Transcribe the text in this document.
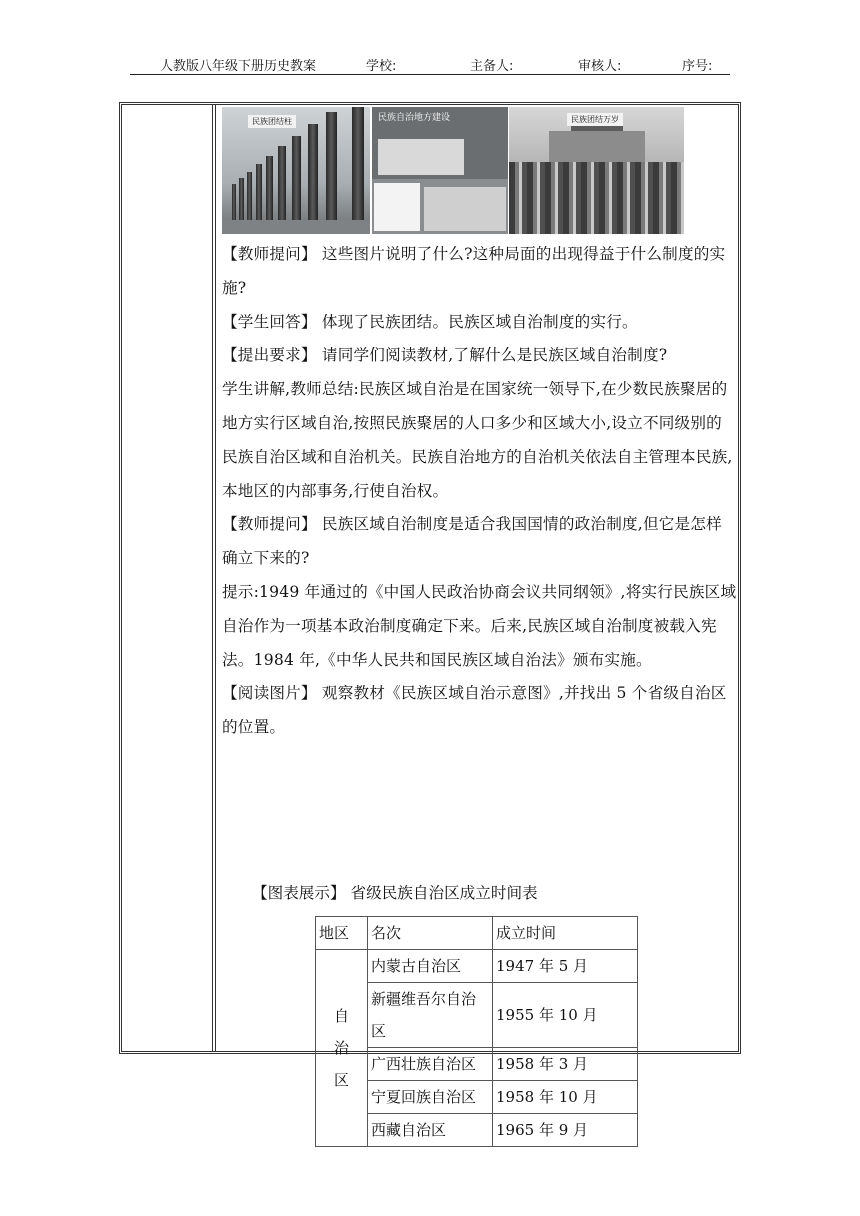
人教版八年级下册历史教案	学校:	主备人:	审核人:	序号:
民族团结柱	民族自治地方建设	民族团结万岁

【教师提问】 这些图片说明了什么?这种局面的出现得益于什么制度的实施?

【学生回答】 体现了民族团结。民族区域自治制度的实行。

【提出要求】 请同学们阅读教材,了解什么是民族区域自治制度?

学生讲解,教师总结:民族区域自治是在国家统一领导下,在少数民族聚居的地方实行区域自治,按照民族聚居的人口多少和区域大小,设立不同级别的民族自治区域和自治机关。民族自治地方的自治机关依法自主管理本民族,本地区的内部事务,行使自治权。

【教师提问】 民族区域自治制度是适合我国国情的政治制度,但它是怎样确立下来的?

提示:1949 年通过的《中国人民政治协商会议共同纲领》,将实行民族区域自治作为一项基本政治制度确定下来。后来,民族区域自治制度被载入宪法。1984 年,《中华人民共和国民族区域自治法》颁布实施。

【阅读图片】 观察教材《民族区域自治示意图》,并找出 5 个省级自治区的位置。

【图表展示】 省级民族自治区成立时间表
地区	名次	成立时间

自
治
区	内蒙古自治区	1947 年 5 月
	新疆维吾尔自治区	1955 年 10 月
	广西壮族自治区	1958 年 3 月
	宁夏回族自治区	1958 年 10 月
	西藏自治区	1965 年 9 月
